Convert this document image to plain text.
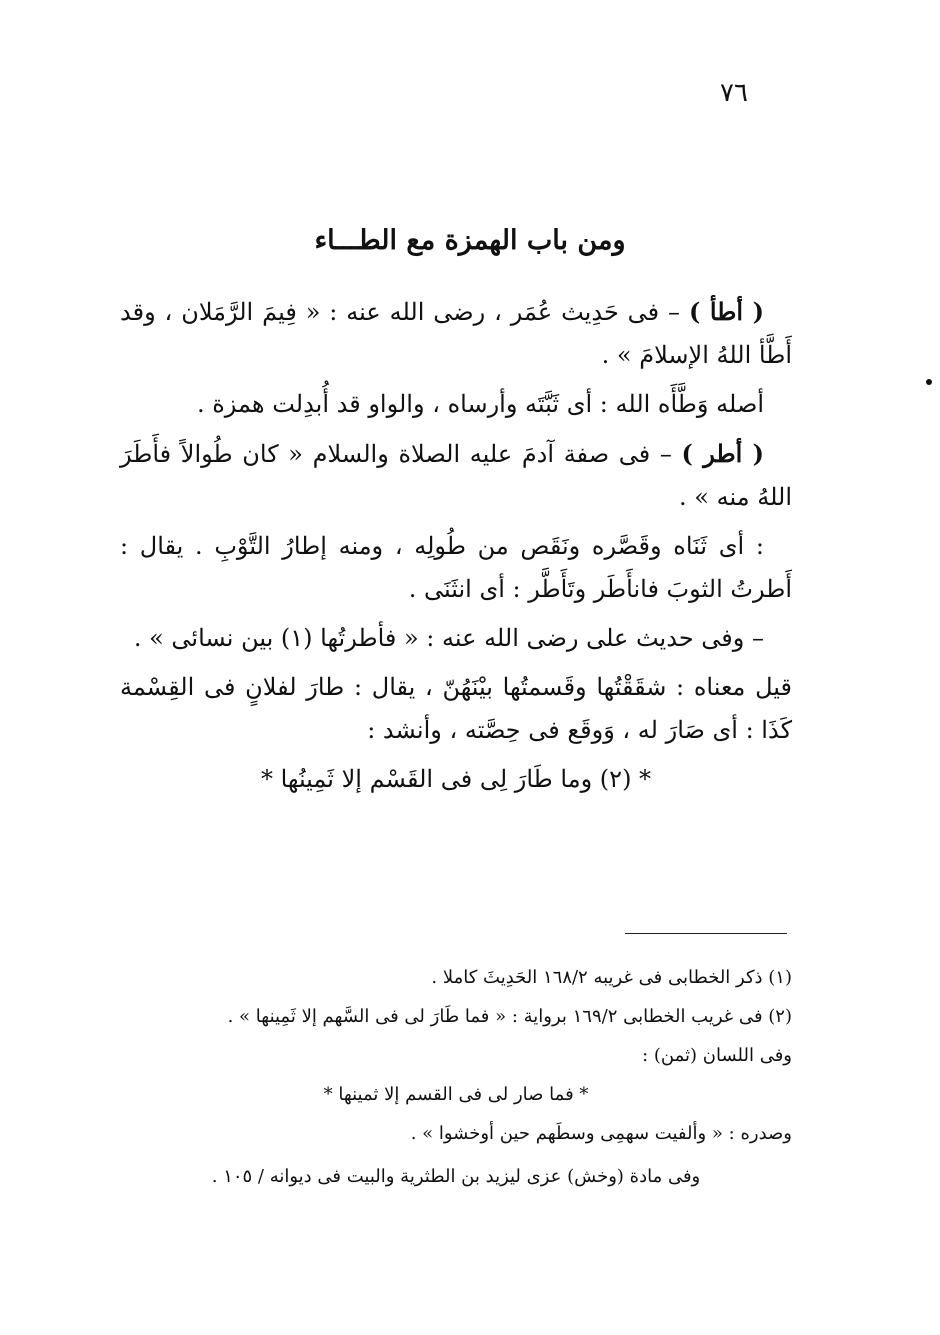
٧٦
ومن باب الهمزة مع الطـــاء

( أطأ ) – فى حَدِيث عُمَر ، رضى الله عنه : « فِيمَ الرَّمَلان ، وقد أَطَّأ اللهُ الإسلامَ » .

أصله وَطَّأَه الله : أى ثَبَّتَه وأرساه ، والواو قد أُبدِلت همزة .

( أطر ) – فى صفة آدمَ عليه الصلاة والسلام « كان طُوالاً فأَطَرَ اللهُ منه » .

: أى ثَنَاه وقَصَّره ونَقَص من طُولِه ، ومنه إطارُ التَّوْبِ . يقال : أَطرتُ الثوبَ فانأَطَر وتَأَطَّر : أى انثَنَى .

– وفى حديث على رضى الله عنه : « فأطرتُها (١) بين نسائى » .

قيل معناه : شقَقْتُها وقَسمتُها بيْنَهُنّ ، يقال : طارَ لفلانٍ فى القِسْمة كَذَا : أى صَارَ له ، وَوقَع فى حِصَّته ، وأنشد :

* (٢) وما طَارَ لِى فى القَسْم إلا ثَمِينُها *

(١) ذكر الخطابى فى غريبه ١٦٨/٢ الحَدِيثَ كاملا .

(٢) فى غريب الخطابى ١٦٩/٢ برواية : « فما طَارَ لى فى السَّهم إلا ثَمِينها » .

وفى اللسان (ثمن) :

* فما صار لى فى القسم إلا ثمينها *

وصدره : « وألفيت سهمِى وسطَهم حين أوخشوا » .

وفى مادة (وخش) عزى ليزيد بن الطثرية والبيت فى ديوانه / ١٠٥ .
